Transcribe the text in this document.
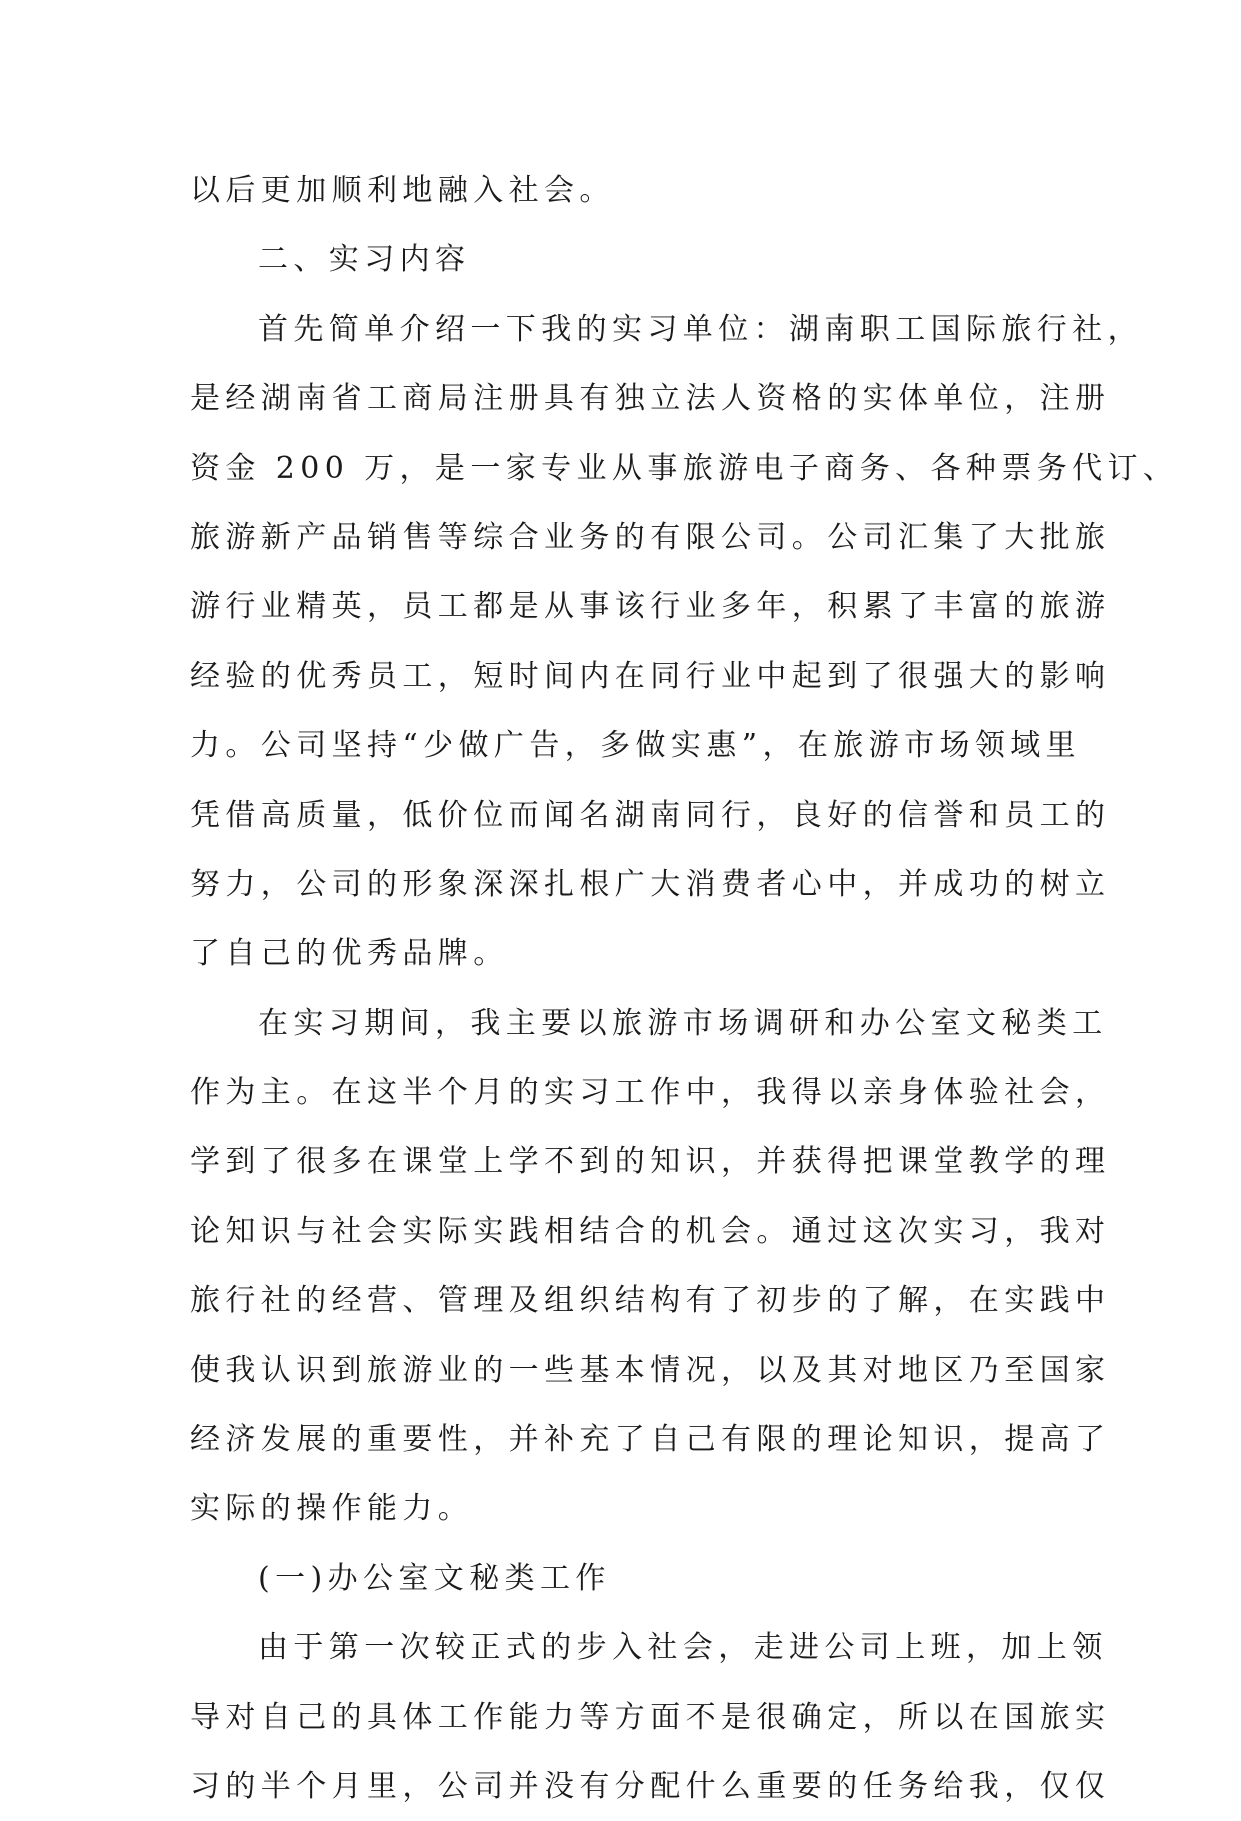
以后更加顺利地融入社会。
二、实习内容
首先简单介绍一下我的实习单位：湖南职工国际旅行社，
是经湖南省工商局注册具有独立法人资格的实体单位，注册
资金 200 万，是一家专业从事旅游电子商务、各种票务代订、
旅游新产品销售等综合业务的有限公司。公司汇集了大批旅
游行业精英，员工都是从事该行业多年，积累了丰富的旅游
经验的优秀员工，短时间内在同行业中起到了很强大的影响
力。公司坚持“少做广告，多做实惠”，在旅游市场领域里
凭借高质量，低价位而闻名湖南同行，良好的信誉和员工的
努力，公司的形象深深扎根广大消费者心中，并成功的树立
了自己的优秀品牌。
在实习期间，我主要以旅游市场调研和办公室文秘类工
作为主。在这半个月的实习工作中，我得以亲身体验社会，
学到了很多在课堂上学不到的知识，并获得把课堂教学的理
论知识与社会实际实践相结合的机会。通过这次实习，我对
旅行社的经营、管理及组织结构有了初步的了解，在实践中
使我认识到旅游业的一些基本情况，以及其对地区乃至国家
经济发展的重要性，并补充了自己有限的理论知识，提高了
实际的操作能力。
(一)办公室文秘类工作
由于第一次较正式的步入社会，走进公司上班，加上领
导对自己的具体工作能力等方面不是很确定，所以在国旅实
习的半个月里，公司并没有分配什么重要的任务给我，仅仅
